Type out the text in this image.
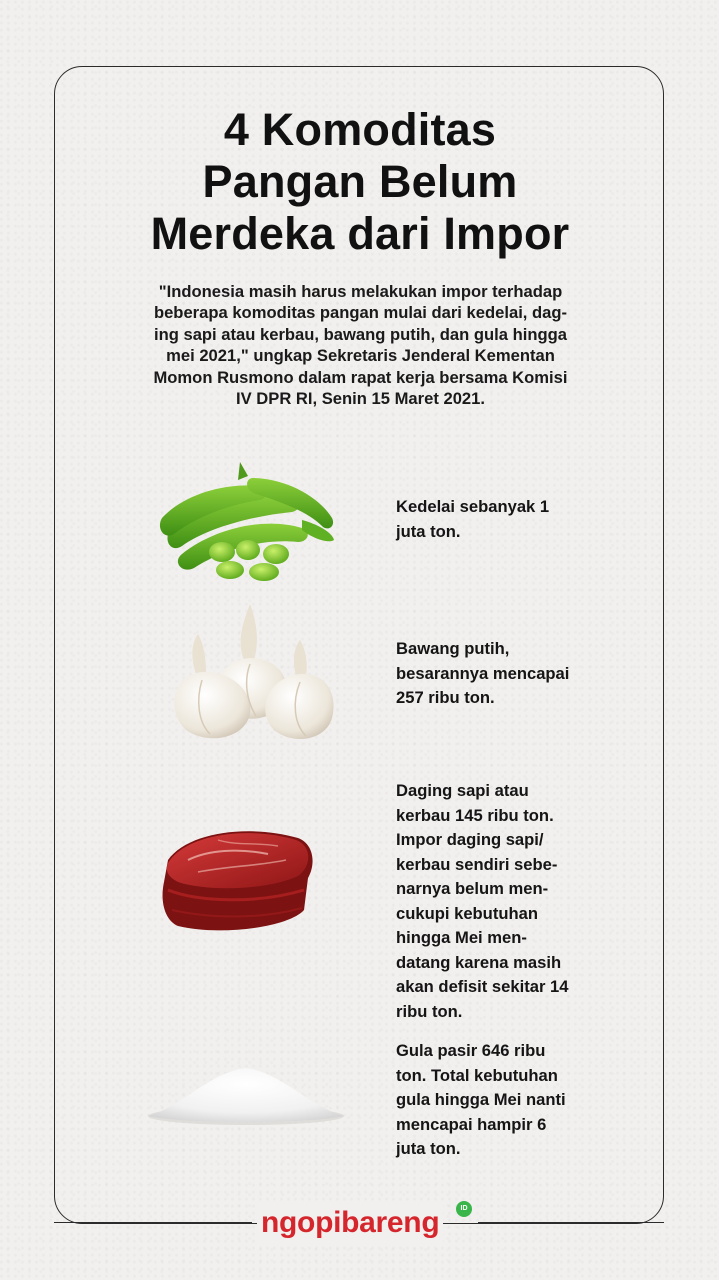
4 Komoditas
Pangan Belum
Merdeka dari Impor

"Indonesia masih harus melakukan impor terhadap
beberapa komoditas pangan mulai dari kedelai, dag-
ing sapi atau kerbau, bawang putih, dan gula hingga
mei 2021," ungkap Sekretaris Jenderal Kementan
Momon Rusmono dalam rapat kerja bersama Komisi
IV DPR RI, Senin 15 Maret 2021.

Kedelai sebanyak 1
juta ton.

Bawang putih,
besarannya mencapai
257 ribu ton.

Daging sapi atau
kerbau 145 ribu ton.
Impor daging sapi/
kerbau sendiri sebe-
narnya belum men-
cukupi kebutuhan
hingga Mei men-
datang karena masih
akan defisit sekitar 14
ribu ton.

Gula pasir 646 ribu
ton. Total kebutuhan
gula hingga Mei nanti
mencapai hampir 6
juta ton.

ngopibareng	ID
